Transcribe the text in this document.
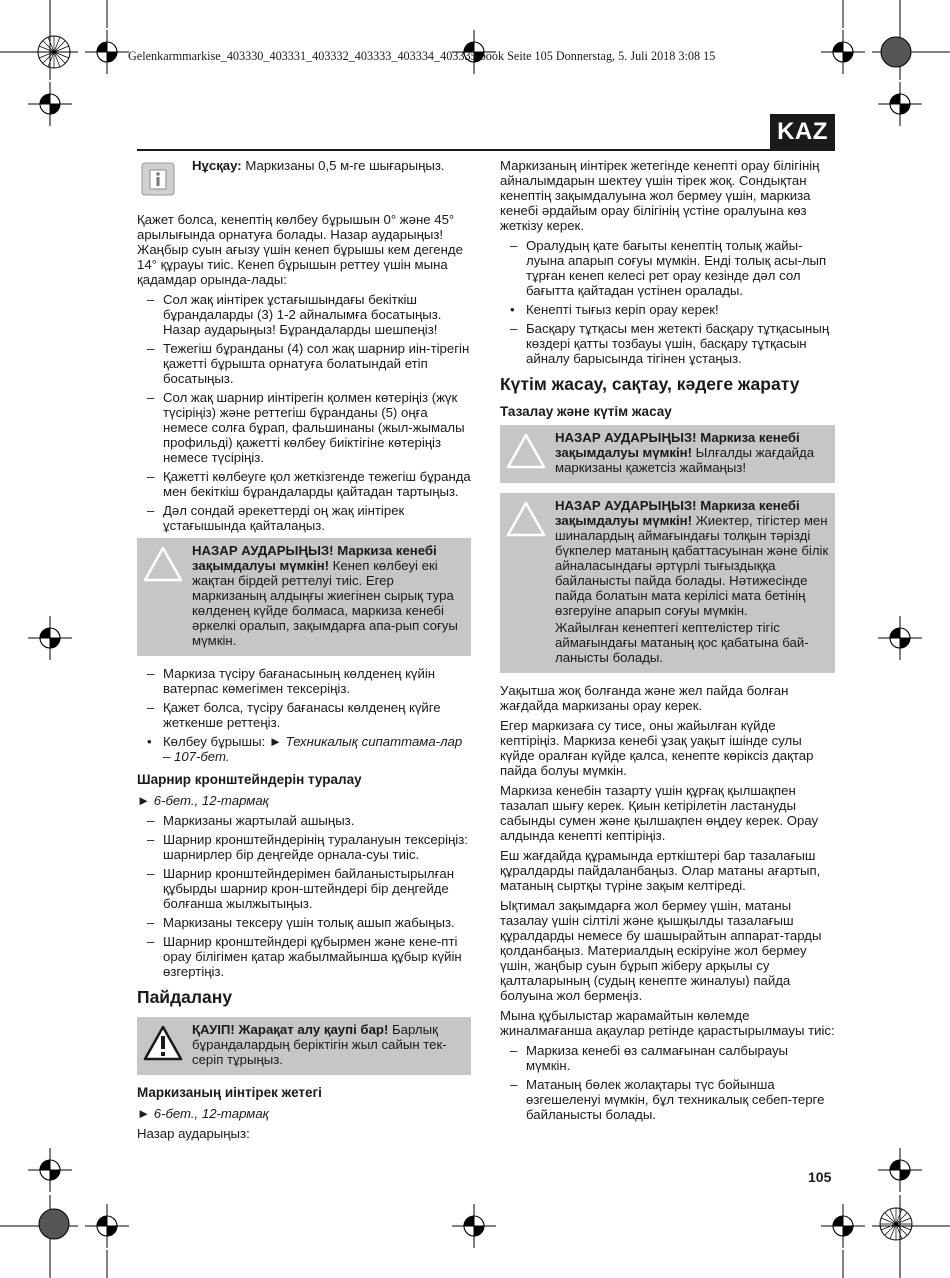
Gelenkarmmarkise_403330_403331_403332_403333_403334_403335.book Seite 105 Donnerstag, 5. Juli 2018 3:08 15
KAZ
Нұсқау: Маркизаны 0,5 м-ге шығарыңыз.

Қажет болса, кенептің көлбеу бұрышын 0° және 45° арылығында орнатуға болады. Назар аударыңыз! Жаңбыр суын ағызу үшін кенеп бұрышы кем дегенде 14° құрауы тиіс. Кенеп бұрышын реттеу үшін мына қадамдар орында-лады:

– Сол жақ иінтірек ұстағышындағы бекіткіш бұрандаларды (3) 1-2 айналымға босатыңыз. Назар аударыңыз! Бұрандаларды шешпеңіз!
– Тежегіш бұранданы (4) сол жақ шарнир иін-тірегін қажетті бұрышта орнатуға болатындай етіп босатыңыз.
– Сол жақ шарнир иінтірегін қолмен көтеріңіз (жүк түсіріңіз) және реттегіш бұранданы (5) оңға немесе солға бұрап, фальшинаны (жыл-жымалы профильді) қажетті көлбеу биіктігіне көтеріңіз немесе түсіріңіз.
– Қажетті көлбеуге қол жеткізгенде тежегіш бұранда мен бекіткіш бұрандаларды қайтадан тартыңыз.
– Дәл сондай әрекеттерді оң жақ иінтірек ұстағышында қайталаңыз.

НАЗАР АУДАРЫҢЫЗ! Маркиза кенебі зақымдалуы мүмкін! Кенеп көлбеуі екі жақтан бірдей реттелуі тиіс. Егер маркизаның алдыңғы жиегінен сырық тура көлденең күйде болмаса, маркиза кенебі әркелкі оралып, зақымдарға апа-рып соғуы мүмкін.

– Маркиза түсіру бағанасының көлденең күйін ватерпас көмегімен тексеріңіз.
– Қажет болса, түсіру бағанасы көлденең күйге жеткенше реттеңіз.
• Көлбеу бұрышы: ► Техникалық сипаттама-лар – 107-бет.
Шарнир кронштейндерін туралау
► 6-бет., 12-тармақ
– Маркизаны жартылай ашыңыз.
– Шарнир кронштейндерінің туралануын тексеріңіз: шарнирлер бір деңгейде орнала-суы тиіс.
– Шарнир кронштейндерімен байланыстырылған құбырды шарнир крон-штейндері бір деңгейде болғанша жылжытыңыз.
– Маркизаны тексеру үшін толық ашып жабыңыз.
– Шарнир кронштейндері құбырмен және кене-пті орау білігімен қатар жабылмайынша құбыр күйін өзгертіңіз.
Пайдалану

ҚАУІП! Жарақат алу қаупі бар! Барлық бұрандалардың беріктігін жыл сайын тек-серіп тұрыңыз.

Маркизаның иінтірек жетегі
► 6-бет., 12-тармақ

Назар аударыңыз:

Маркизаның иінтірек жетегінде кенепті орау білігінің айналымдарын шектеу үшін тірек жоқ. Сондықтан кенептің зақымдалуына жол бермеу үшін, маркиза кенебі әрдайым орау білігінің үстіне оралуына көз жеткізу керек.

– Оралудың қате бағыты кенептің толық жайы-луына апарып соғуы мүмкін. Енді толық асы-лып тұрған кенеп келесі рет орау кезінде дәл сол бағытта қайтадан үстінен оралады.
• Кенепті тығыз керіп орау керек!
– Басқару тұтқасы мен жетекті басқару тұтқасының көздері қатты тозбауы үшін, басқару тұтқасын айналу барысында тігінен ұстаңыз.
Күтім жасау, сақтау, кәдеге жарату
Тазалау және күтім жасау

НАЗАР АУДАРЫҢЫЗ! Маркиза кенебі зақымдалуы мүмкін! Ылғалды жағдайда маркизаны қажетсіз жаймаңыз!

НАЗАР АУДАРЫҢЫЗ! Маркиза кенебі зақымдалуы мүмкін! Жиектер, тігістер мен шиналардың аймағындағы толқын тәрізді бүкпелер матаның қабаттасуынан және білік айналасындағы әртүрлі тығыздыққа байланысты пайда болады. Нәтижесінде пайда болатын мата керілісі мата бетінің өзгеруіне апарып соғуы мүмкін.

Жайылған кенептегі кептелістер тігіс аймағындағы матаның қос қабатына бай-ланысты болады.

Уақытша жоқ болғанда және жел пайда болған жағдайда маркизаны орау керек.

Егер маркизаға су тисе, оны жайылған күйде кептіріңіз. Маркиза кенебі ұзақ уақыт ішінде сулы күйде оралған күйде қалса, кенепте көріксіз дақтар пайда болуы мүмкін.

Маркиза кенебін тазарту үшін құрғақ қылшақпен тазалап шығу керек. Қиын кетірілетін ластануды сабынды сумен және қылшақпен өңдеу керек. Орау алдында кенепті кептіріңіз.

Еш жағдайда құрамында ерткіштері бар тазалағыш құралдарды пайдаланбаңыз. Олар матаны ағартып, матаның сыртқы түріне зақым келтіреді.

Ықтимал зақымдарға жол бермеу үшін, матаны тазалау үшін сілтілі және қышқылды тазалағыш құралдарды немесе бу шашырайтын аппарат-тарды қолданбаңыз. Материалдың ескіруіне жол бермеу үшін, жаңбыр суын бұрып жіберу арқылы су қалталарының (судың кенепте жиналуы) пайда болуына жол бермеңіз.

Мына құбылыстар жарамайтын көлемде жиналмағанша ақаулар ретінде қарастырылмауы тиіс:

– Маркиза кенебі өз салмағынан салбырауы мүмкін.
– Матаның бөлек жолақтары түс бойынша өзгешеленуі мүмкін, бұл техникалық себеп-терге байланысты болады.
105
